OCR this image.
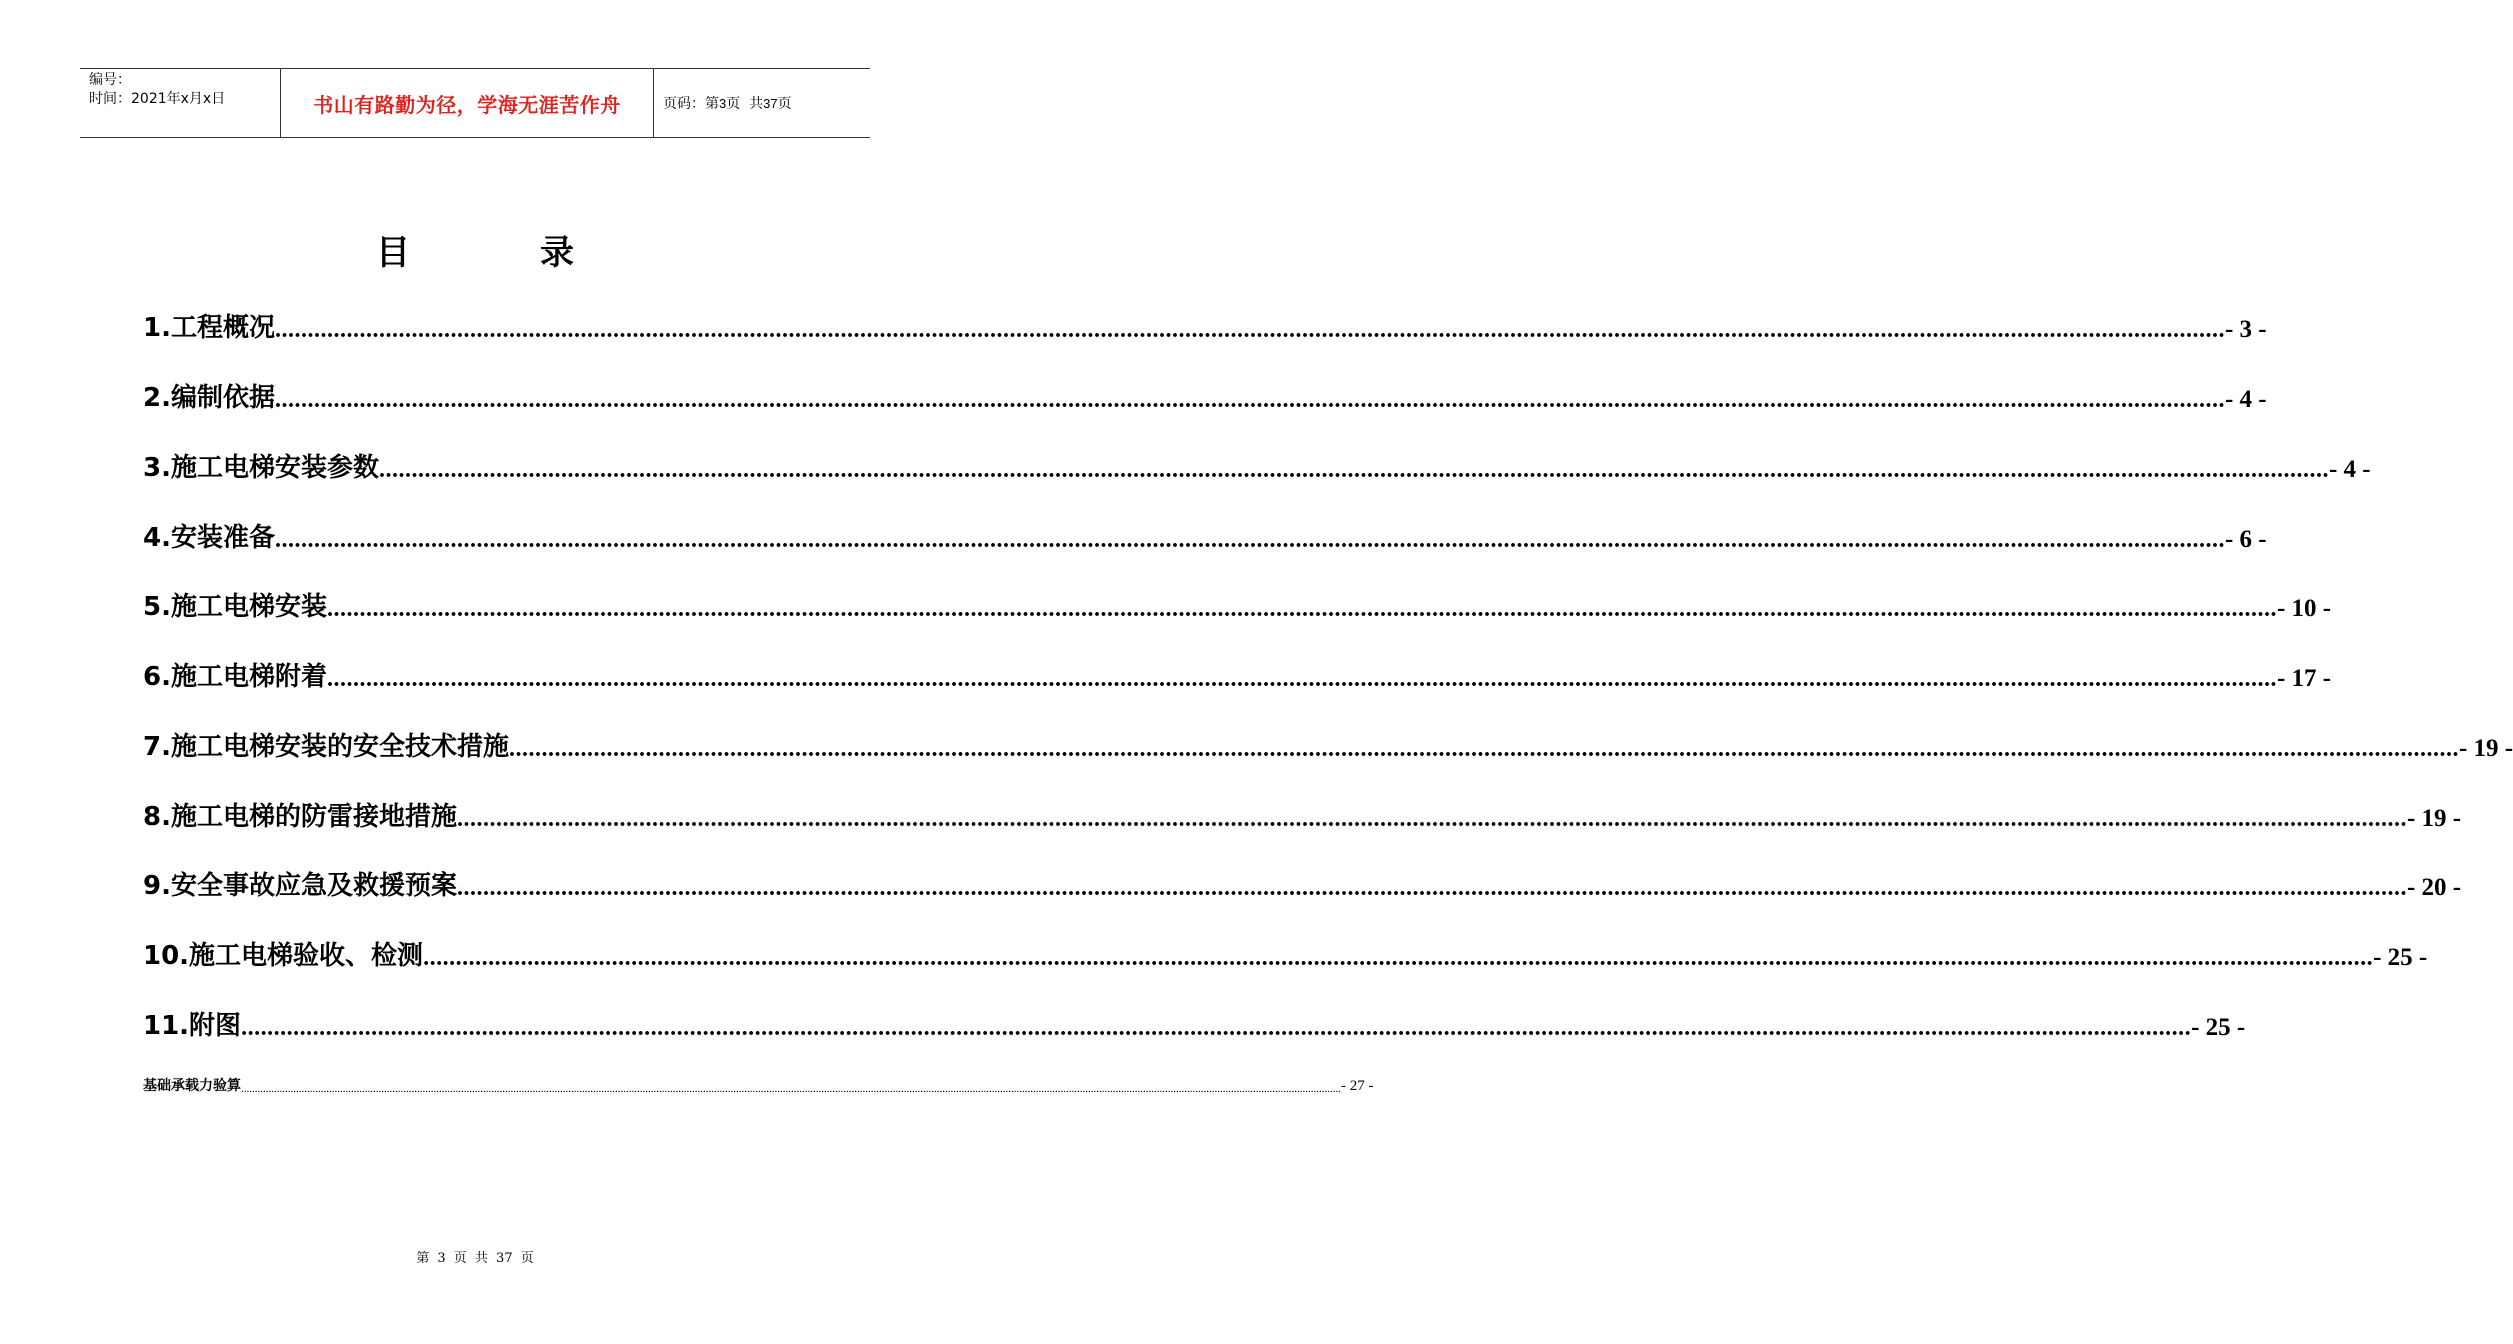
编号：
时间：2021年x月x日	书山有路勤为径，学海无涯苦作舟	页码：第 3 页  共 37 页
目	录
1.工程概况 ............................................................................................................................................................................................................................................................................................................ - 3 -
2.编制依据 ............................................................................................................................................................................................................................................................................................................ - 4 -
3.施工电梯安装参数 ............................................................................................................................................................................................................................................................................................................ - 4 -
4.安装准备 ............................................................................................................................................................................................................................................................................................................ - 6 -
5.施工电梯安装 ............................................................................................................................................................................................................................................................................................................ - 10 -
6.施工电梯附着 ............................................................................................................................................................................................................................................................................................................ - 17 -
7.施工电梯安装的安全技术措施 ............................................................................................................................................................................................................................................................................................................ - 19 -
8.施工电梯的防雷接地措施 ............................................................................................................................................................................................................................................................................................................ - 19 -
9.安全事故应急及救援预案 ............................................................................................................................................................................................................................................................................................................ - 20 -
10.施工电梯验收、检测 ............................................................................................................................................................................................................................................................................................................ - 25 -
11.附图 ............................................................................................................................................................................................................................................................................................................ - 25 -
基础承载力验算 ................................................................................................................................................................................................................................................................................................................................................................................................................ - 27 -
第 3 页 共 37 页
